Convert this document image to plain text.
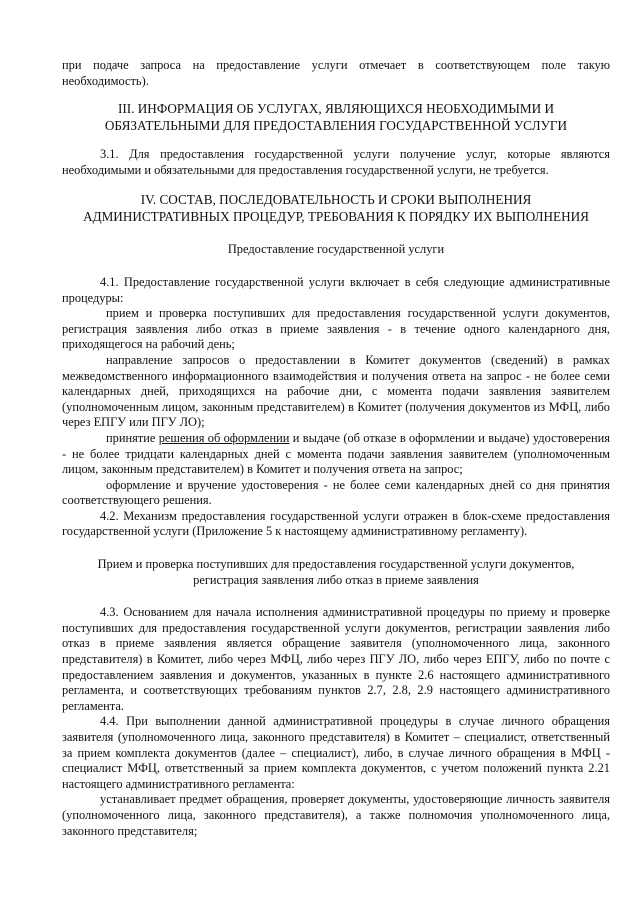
при подаче запроса на предоставление услуги отмечает в соответствующем поле такую необходимость).

III. ИНФОРМАЦИЯ ОБ УСЛУГАХ, ЯВЛЯЮЩИХСЯ НЕОБХОДИМЫМИ И
ОБЯЗАТЕЛЬНЫМИ ДЛЯ ПРЕДОСТАВЛЕНИЯ ГОСУДАРСТВЕННОЙ УСЛУГИ

3.1. Для предоставления государственной услуги получение услуг, которые являются необходимыми и обязательными для предоставления государственной услуги, не требуется.

IV. СОСТАВ, ПОСЛЕДОВАТЕЛЬНОСТЬ И СРОКИ ВЫПОЛНЕНИЯ
АДМИНИСТРАТИВНЫХ ПРОЦЕДУР, ТРЕБОВАНИЯ К ПОРЯДКУ ИХ ВЫПОЛНЕНИЯ

Предоставление государственной услуги

4.1. Предоставление государственной услуги включает в себя следующие административные процедуры:

прием и проверка поступивших для предоставления государственной услуги документов, регистрация заявления либо отказ в приеме заявления - в течение одного календарного дня, приходящегося на рабочий день;

направление запросов о предоставлении в Комитет документов (сведений) в рамках межведомственного информационного взаимодействия и получения ответа на запрос - не более семи календарных дней, приходящихся на рабочие дни, с момента подачи заявления заявителем (уполномоченным лицом, законным представителем) в Комитет (получения документов из МФЦ, либо через ЕПГУ или ПГУ ЛО);

принятие решения об оформлении и выдаче (об отказе в оформлении и выдаче) удостоверения - не более тридцати календарных дней с момента подачи заявления заявителем (уполномоченным лицом, законным представителем) в Комитет и получения ответа на запрос;

оформление и вручение удостоверения - не более семи календарных дней со дня принятия соответствующего решения.

4.2. Механизм предоставления государственной услуги отражен в блок-схеме предоставления государственной услуги (Приложение 5 к настоящему административному регламенту).

Прием и проверка поступивших для предоставления государственной услуги документов,
регистрация заявления либо отказ в приеме заявления

4.3. Основанием для начала исполнения административной процедуры по приему и проверке поступивших для предоставления государственной услуги документов, регистрации заявления либо отказ в приеме заявления является обращение заявителя (уполномоченного лица, законного представителя) в Комитет, либо через МФЦ, либо через ПГУ ЛО, либо через ЕПГУ, либо по почте с предоставлением заявления и документов, указанных в пункте 2.6 настоящего административного регламента, и соответствующих требованиям пунктов 2.7, 2.8, 2.9 настоящего административного регламента.

4.4. При выполнении данной административной процедуры в случае личного обращения заявителя (уполномоченного лица, законного представителя) в Комитет – специалист, ответственный за прием комплекта документов (далее – специалист), либо, в случае личного обращения в МФЦ - специалист МФЦ, ответственный за прием комплекта документов, с учетом положений пункта 2.21 настоящего административного регламента:

устанавливает предмет обращения, проверяет документы, удостоверяющие личность заявителя (уполномоченного лица, законного представителя), а также полномочия уполномоченного лица, законного представителя;
